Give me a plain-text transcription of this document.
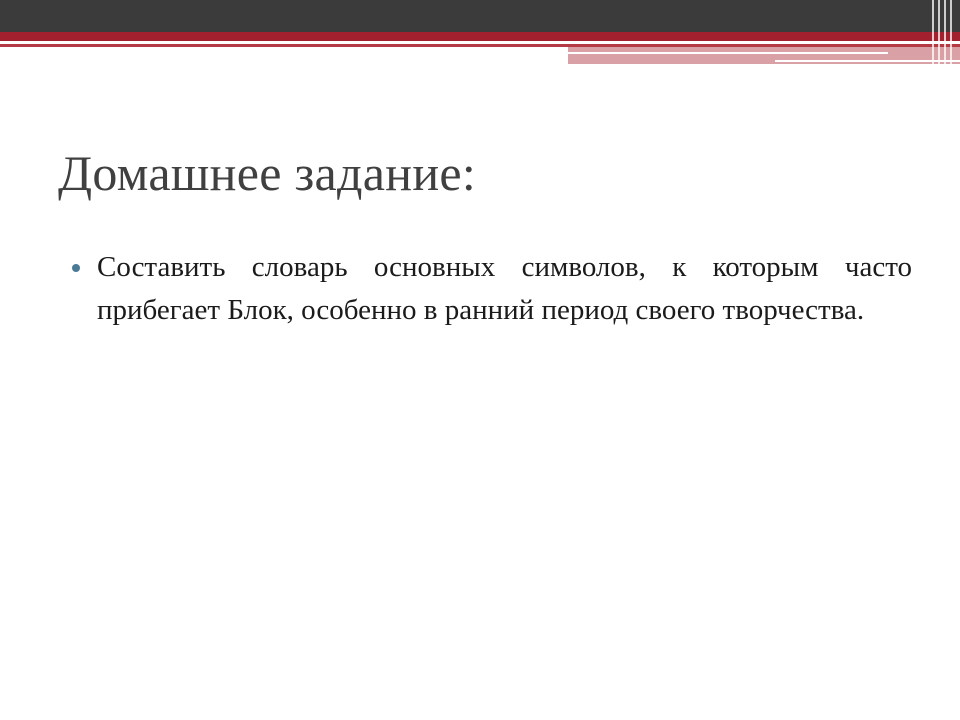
Домашнее задание:
Составить словарь основных символов, к которым часто прибегает Блок, особенно в ранний период своего творчества.
